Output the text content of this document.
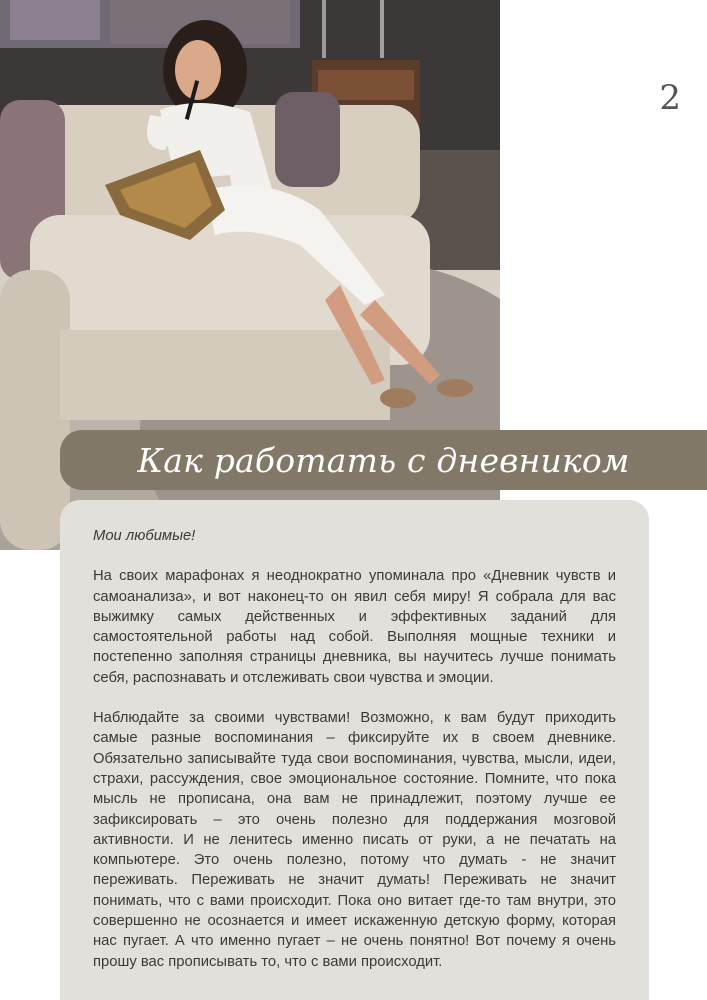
2
Как работать с дневником

Мои любимые!

На своих марафонах я неоднократно упоминала про «Дневник чувств и самоанализа», и вот наконец-то он явил себя миру! Я собрала для вас выжимку самых действенных и эффективных заданий для самостоятельной работы над собой. Выполняя мощные техники и постепенно заполняя страницы дневника, вы научитесь лучше понимать себя, распознавать и отслеживать свои чувства и эмоции.

Наблюдайте за своими чувствами! Возможно, к вам будут приходить самые разные воспоминания – фиксируйте их в своем дневнике. Обязательно записывайте туда свои воспоминания, чувства, мысли, идеи, страхи, рассуждения, свое эмоциональное состояние. Помните, что пока мысль не прописана, она вам не принадлежит, поэтому лучше ее зафиксировать – это очень полезно для поддержания мозговой активности. И не ленитесь именно писать от руки, а не печатать на компьютере. Это очень полезно, потому что думать - не значит переживать. Переживать не значит думать! Переживать не значит понимать, что с вами происходит. Пока оно витает где-то там внутри, это совершенно не осознается и имеет искаженную детскую форму, которая нас пугает. А что именно пугает – не очень понятно! Вот почему я очень прошу вас прописывать то, что с вами происходит.
